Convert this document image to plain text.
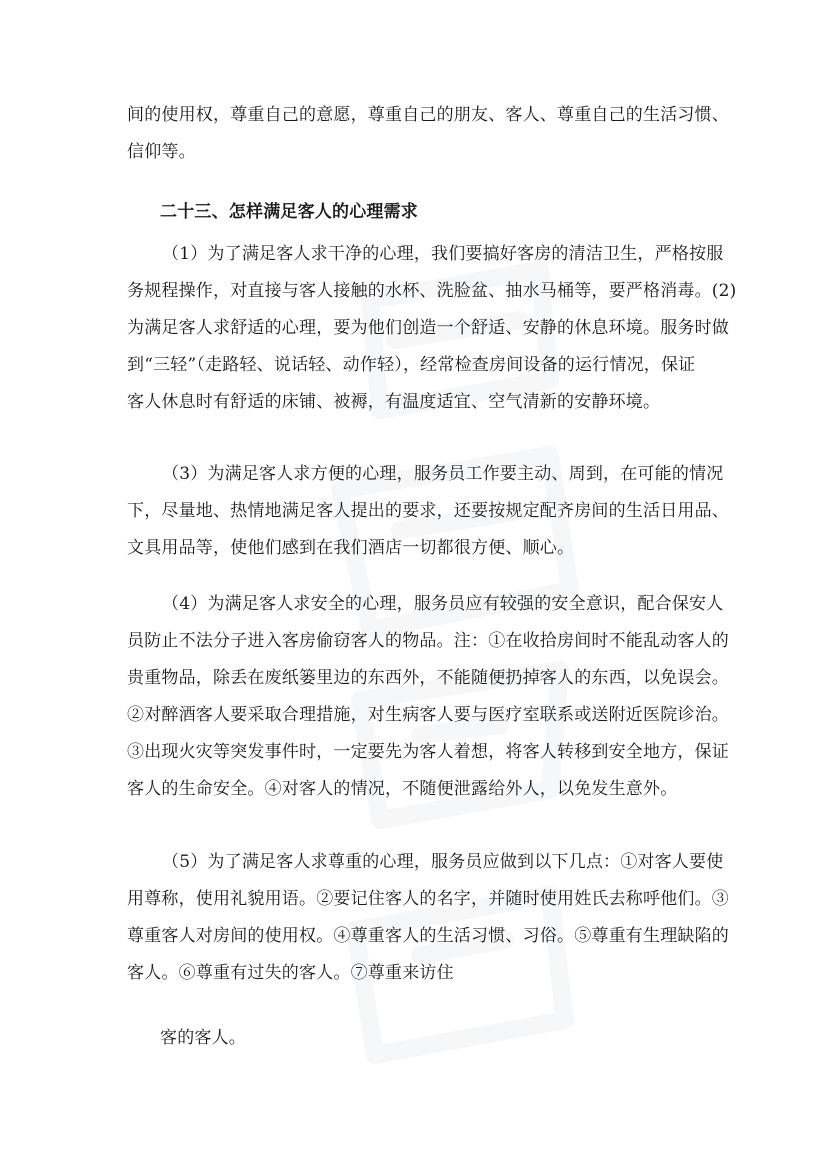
间的使用权，尊重自己的意愿，尊重自己的朋友、客人、尊重自己的生活习惯、
信仰等。
二十三、怎样满足客人的心理需求
（1）为了满足客人求干净的心理，我们要搞好客房的清洁卫生，严格按服
务规程操作，对直接与客人接触的水杯、洗脸盆、抽水马桶等，要严格消毒。(2)
为满足客人求舒适的心理，要为他们创造一个舒适、安静的休息环境。服务时做
到“三轻”（走路轻、说话轻、动作轻），经常检查房间设备的运行情况，保证
客人休息时有舒适的床铺、被褥，有温度适宜、空气清新的安静环境。
（3）为满足客人求方便的心理，服务员工作要主动、周到，在可能的情况
下，尽量地、热情地满足客人提出的要求，还要按规定配齐房间的生活日用品、
文具用品等，使他们感到在我们酒店一切都很方便、顺心。
（4）为满足客人求安全的心理，服务员应有较强的安全意识，配合保安人
员防止不法分子进入客房偷窃客人的物品。注：①在收拾房间时不能乱动客人的
贵重物品，除丢在废纸篓里边的东西外，不能随便扔掉客人的东西，以免误会。
②对醉酒客人要采取合理措施，对生病客人要与医疗室联系或送附近医院诊治。
③出现火灾等突发事件时，一定要先为客人着想，将客人转移到安全地方，保证
客人的生命安全。④对客人的情况，不随便泄露给外人，以免发生意外。
（5）为了满足客人求尊重的心理，服务员应做到以下几点：①对客人要使
用尊称，使用礼貌用语。②要记住客人的名字，并随时使用姓氏去称呼他们。③
尊重客人对房间的使用权。④尊重客人的生活习惯、习俗。⑤尊重有生理缺陷的
客人。⑥尊重有过失的客人。⑦尊重来访住
客的客人。
